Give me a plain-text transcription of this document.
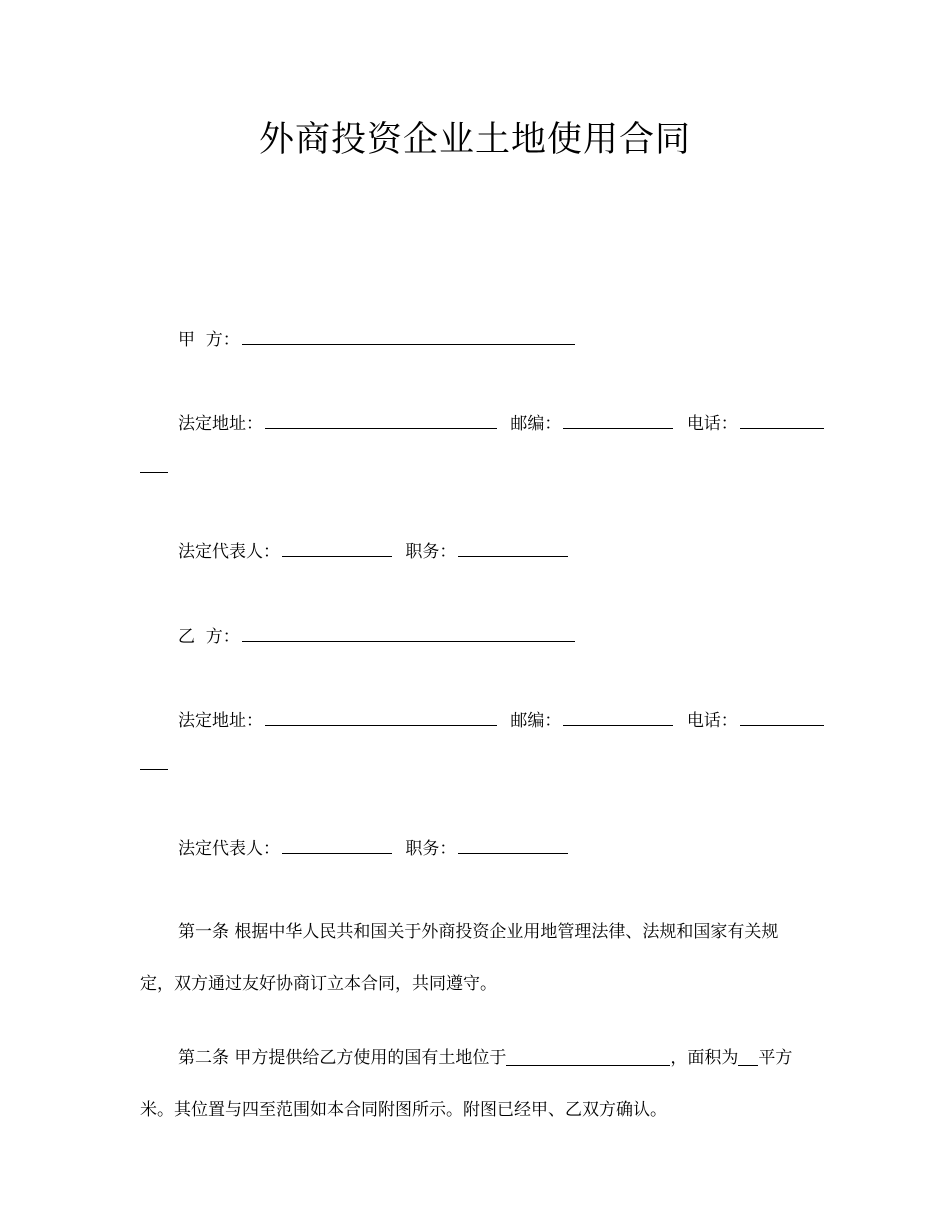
外商投资企业土地使用合同
甲  方：
法定地址：	邮编：	电话：
法定代表人：	职务：
乙  方：
法定地址：	邮编：	电话：
法定代表人：	职务：
第一条 根据中华人民共和国关于外商投资企业用地管理法律、法规和国家有关规定，双方通过友好协商订立本合同，共同遵守。
第二条 甲方提供给乙方使用的国有土地位于	，面积为 平方米。其位置与四至范围如本合同附图所示。附图已经甲、乙双方确认。
